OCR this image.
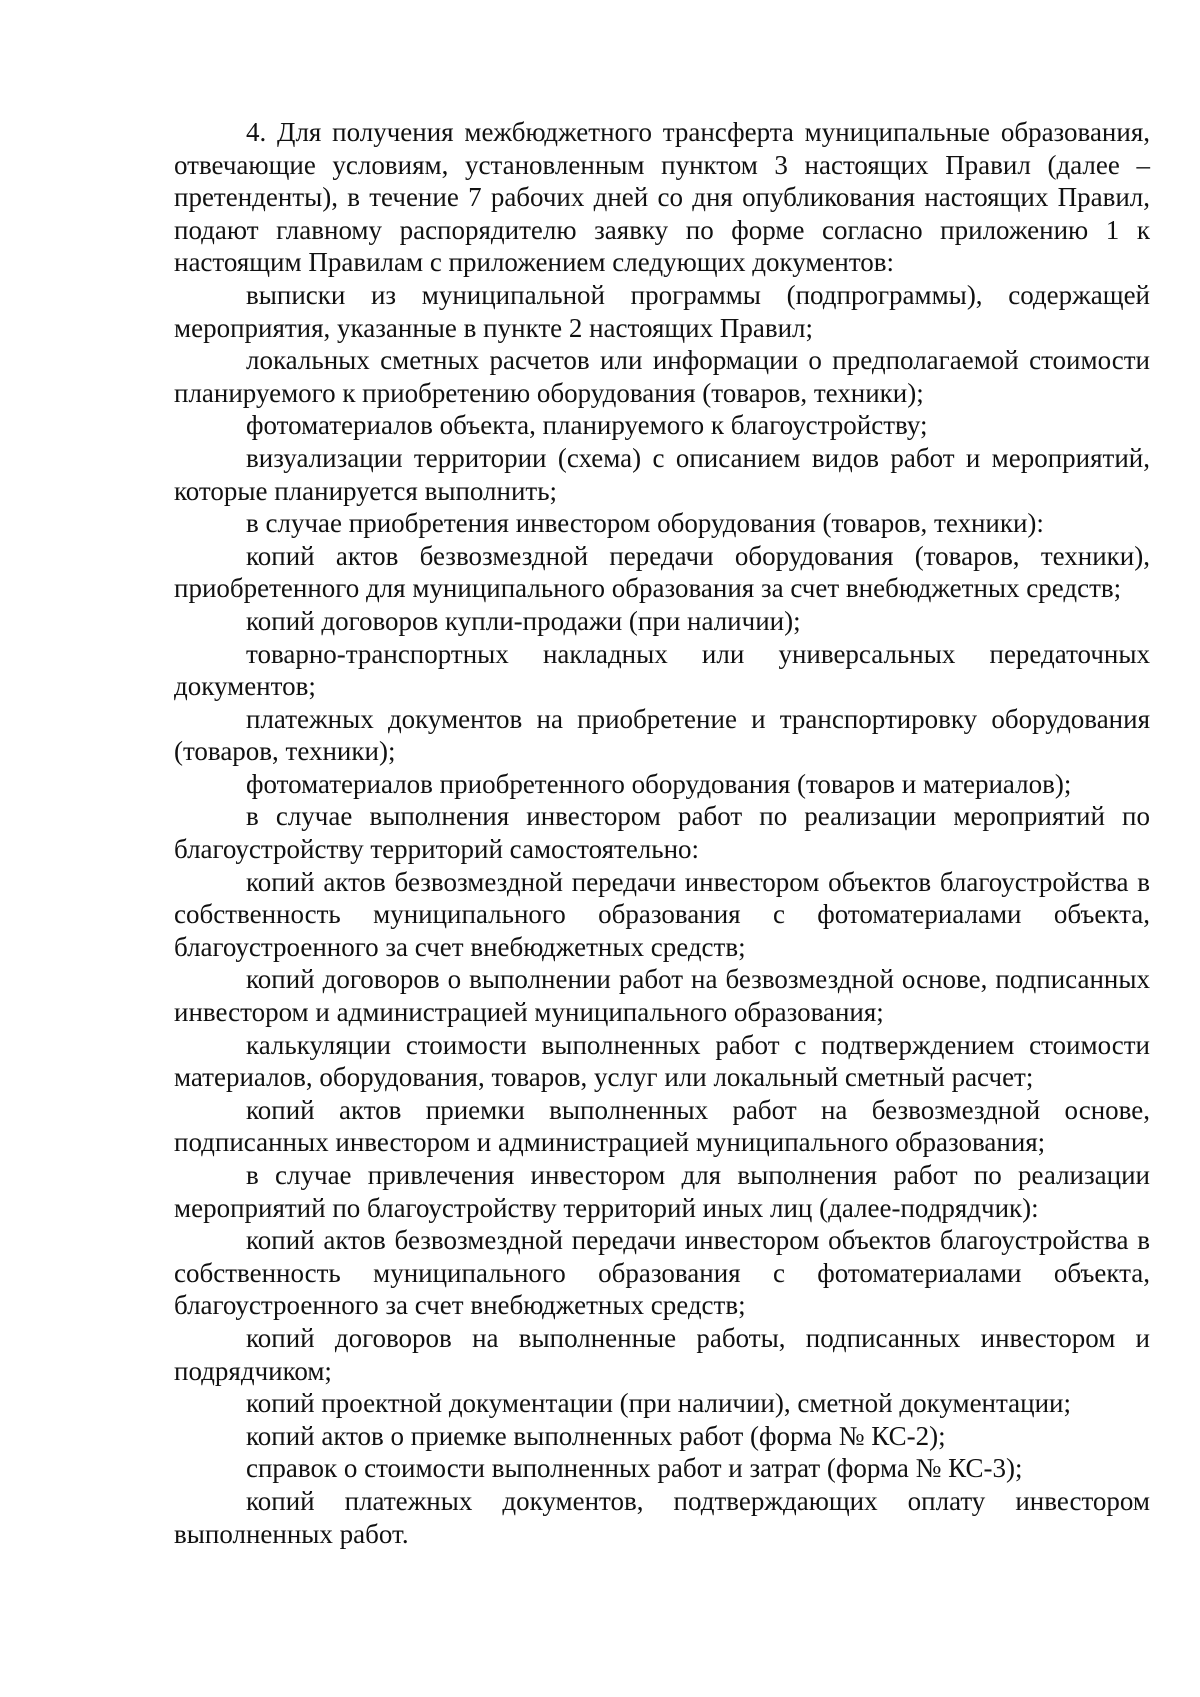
4. Для получения межбюджетного трансферта муниципальные образования, отвечающие условиям, установленным пунктом 3 настоящих Правил (далее – претенденты), в течение 7 рабочих дней со дня опубликования настоящих Правил, подают главному распорядителю заявку по форме согласно приложению 1 к настоящим Правилам с приложением следующих документов:

выписки из муниципальной программы (подпрограммы), содержащей мероприятия, указанные в пункте 2 настоящих Правил;

локальных сметных расчетов или информации о предполагаемой стоимости планируемого к приобретению оборудования (товаров, техники);

фотоматериалов объекта, планируемого к благоустройству;

визуализации территории (схема) с описанием видов работ и мероприятий, которые планируется выполнить;

в случае приобретения инвестором оборудования (товаров, техники):

копий актов безвозмездной передачи оборудования (товаров, техники), приобретенного для муниципального образования за счет внебюджетных средств;

копий договоров купли-продажи (при наличии);

товарно-транспортных накладных или универсальных передаточных документов;

платежных документов на приобретение и транспортировку оборудования (товаров, техники);

фотоматериалов приобретенного оборудования (товаров и материалов);

в случае выполнения инвестором работ по реализации мероприятий по благоустройству территорий самостоятельно:

копий актов безвозмездной передачи инвестором объектов благоустройства в собственность муниципального образования с фотоматериалами объекта, благоустроенного за счет внебюджетных средств;

копий договоров о выполнении работ на безвозмездной основе, подписанных инвестором и администрацией муниципального образования;

калькуляции стоимости выполненных работ с подтверждением стоимости материалов, оборудования, товаров, услуг или локальный сметный расчет;

копий актов приемки выполненных работ на безвозмездной основе, подписанных инвестором и администрацией муниципального образования;

в случае привлечения инвестором для выполнения работ по реализации мероприятий по благоустройству территорий иных лиц (далее-подрядчик):

копий актов безвозмездной передачи инвестором объектов благоустройства в собственность муниципального образования с фотоматериалами объекта, благоустроенного за счет внебюджетных средств;

копий договоров на выполненные работы, подписанных инвестором и подрядчиком;

копий проектной документации (при наличии), сметной документации;

копий актов о приемке выполненных работ (форма № КС-2);

справок о стоимости выполненных работ и затрат (форма № КС-3);

копий платежных документов, подтверждающих оплату инвестором выполненных работ.
